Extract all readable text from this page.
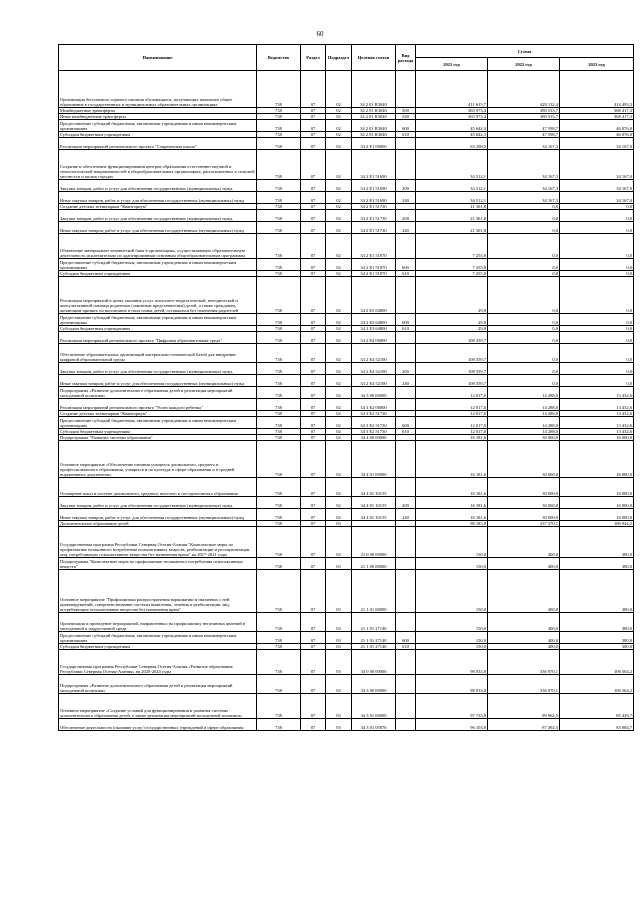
60
Наименование	Ведомство	Раздел	Подраздел	Целевая статья	Вид расхода	Сумма		
						2021 год	2022 год	2023 год
Организация бесплатного горячего питания обучающихся, получающих начальное общее образование в государственных и муниципальных образовательных организациях	738	07	02	34 2 01 R3040		411 615,7	428 132,4	414 493,3
Межбюджетные трансферты	738	07	02	34 2 01 R3040	500	365 973,4	380 533,7	368 417,3
Иные межбюджетные трансферты	738	07	02	34 2 01 R3040	540	365 973,4	380 533,7	368 417,3
Предоставление субсидий бюджетным, автономным учреждениям и иным некоммерческим организациям	738	07	02	34 2 01 R3040	600	45 642,3	47 598,7	46 076,0
Субсидии бюджетным учреждениям	738	07	02	34 2 01 R3040	610	45 642,3	47 598,7	46 076,0
Реализация мероприятий регионального проекта "Современная школа"	738	07	02	34 2 E1 00000		63 298,5	34 167,3	34 167,0
Создание и обеспечение функционирования центров образования естественно-научной и технологической направленностей в общеобразовательных организациях, расположенных в сельской местности и малых городах	738	07	02	34 2 E1 51690		34 512,1	34 167,3	34 167,0
Закупка товаров, работ и услуг для обеспечения государственных (муниципальных) нужд	738	07	02	34 2 E1 51690	200	34 512,1	34 167,3	34 167,0
Иные закупки товаров, работ и услуг для обеспечения государственных (муниципальных) нужд	738	07	02	34 2 E1 51690	240	34 512,1	34 167,3	34 167,0
Создание детских технопарков "Кванториум"	738	07	02	34 2 E1 51730		21 361,8	0,0	0,0
Закупка товаров, работ и услуг для обеспечения государственных (муниципальных) нужд	738	07	02	34 2 E1 51730	200	21 361,8	0,0	0,0
Иные закупки товаров, работ и услуг для обеспечения государственных (муниципальных) нужд	738	07	02	34 2 E1 51730	240	21 361,8	0,0	0,0
Обновление материально-технической базы в организациях, осуществляющих образовательную деятельность исключительно по адаптированным основным общеобразовательным программам	738	07	02	34 2 E1 51870		7 255,8	0,0	0,0
Предоставление субсидий бюджетным, автономным учреждениям и иным некоммерческим организациям	738	07	02	34 2 E1 51870	600	7 255,8	0,0	0,0
Субсидии бюджетным учреждениям	738	07	02	34 2 E1 51870	610	7 255,8	0,0	0,0
Реализация мероприятий в целях оказания услуг психолого-педагогической, методической и консультативной помощи родителям (законным представителям) детей, а также гражданам, желающим принять на воспитание в свои семьи детей, оставшихся без попечения родителей	738	07	02	34 2 E3 64800		29,8	0,0	0,0
Предоставление субсидий бюджетным, автономным учреждениям и иным некоммерческим организациям	738	07	02	34 2 E3 64800	600	29,8	0,0	0,0
Субсидии бюджетным учреждениям	738	07	02	34 2 E3 64800	610	29,8	0,0	0,0
Реализация мероприятий регионального проекта "Цифровая образовательная среда"	738	07	02	34 2 E4 00000		108 359,7	0,0	0,0
Обеспечение образовательных организаций материально-технической базой для внедрения цифровой образовательной среды	738	07	02	34 2 E4 52100		108 359,7	0,0	0,0
Закупка товаров, работ и услуг для обеспечения государственных (муниципальных) нужд	738	07	02	34 2 E4 52100	200	108 359,7	0,0	0,0
Иные закупки товаров, работ и услуг для обеспечения государственных (муниципальных) нужд	738	07	02	34 2 E4 52100	240	108 359,7	0,0	0,0
Подпрограмма «Развитие дополнительного образования детей и реализация мероприятий молодежной политики»	738	07	02	34 3 00 00000		12 017,0	14 288,0	13 432,6
Реализация мероприятий регионального проекта "Успех каждого ребенка"	738	07	02	34 3 E2 00000		12 017,0	14 288,0	13 432,6
Создание детских технопарков "Кванториум"	738	07	02	34 3 E2 51730		12 017,0	14 288,0	13 432,6
Предоставление субсидий бюджетным, автономным учреждениям и иным некоммерческим организациям	738	07	02	34 3 E2 51730	600	12 017,0	14 288,0	13 432,6
Субсидии бюджетным учреждениям	738	07	02	34 3 E2 51730	610	12 017,0	14 288,0	13 432,6
Подпрограмма "Развитие системы образования"	738	07	02	34 4 00 00000		16 181,6	30 000,0	16 000,0
Основное мероприятие «Обеспечение питания учащихся дошкольного, среднего и профессионального образования, учащихся и по культуре в сфере образования и в средней нормативных документов»	738	07	02	34 4 01 00000		16 181,6	30 000,0	16 000,0
Оснащение школ в системе дошкольного, среднего, высшего и постдипломного образования	738	07	02	34 4 01 10155		16 181,6	30 000,0	16 000,0
Закупка товаров, работ и услуг для обеспечения государственных (муниципальных) нужд	738	07	02	34 4 01 10155	200	16 181,6	30 000,0	16 000,0
Иные закупки товаров, работ и услуг для обеспечения государственных (муниципальных) нужд	738	07	02	34 4 01 10155	240	16 181,6	30 000,0	16 000,0
Дополнительное образование детей	738	07	03			98 183,8	337 370,1	106 944,2
Государственная программа Республики Северная Осетия-Алания "Комплексные меры по профилактике незаконного потребления психоактивных веществ, реабилитации и ресоциализации лиц, потребляющих психоактивные вещества без назначения врача" на 2017-2021 годы	738	07	03	21 0 00 00000		150,0	400,0	380,0
Подпрограмма "Комплексные меры по профилактике незаконного потребления психоактивных веществ"	738	07	03	21 1 00 00000		150,0	400,0	380,0
Основное мероприятие "Профилактика распространения наркомании и связанных с ней правонарушений, совершенствование системы выявления, лечения и реабилитации лиц, потребляющих психоактивные вещества без назначения врача"	738	07	03	21 1 01 00000		150,0	400,0	380,0
Организация и проведение мероприятий, направленных на профилактику негативных явлений в молодежной и подростковой среде	738	07	03	21 1 01 27140		150,0	400,0	380,0
Предоставление субсидий бюджетным, автономным учреждениям и иным некоммерческим организациям	738	07	03	21 1 01 27140	600	150,0	400,0	380,0
Субсидии бюджетным учреждениям	738	07	03	21 1 01 27140	610	150,0	400,0	380,0
Государственная программа Республики Северная Осетия-Алания «Развитие образования Республики Северная Осетия-Алания» на 2020-2024 годы	738	07	03	34 0 00 00000		98 033,8	336 970,1	106 564,2
Подпрограмма «Развитие дополнительного образования детей и реализация мероприятий молодежной политики»	738	07	03	34 3 00 00000		98 033,8	336 970,1	106 564,2
Основное мероприятие «Создание условий для функционирования и развития системы дополнительного образования детей, а также реализация мероприятий молодежной политики»	738	07	03	34 3 01 00000		97 733,8	89 962,5	85 429,7
Обеспечение деятельности (оказание услуг) государственных учреждений в сфере образования	738	07	03	34 3 01 05870		96 103,8	87 492,5	83 084,7
